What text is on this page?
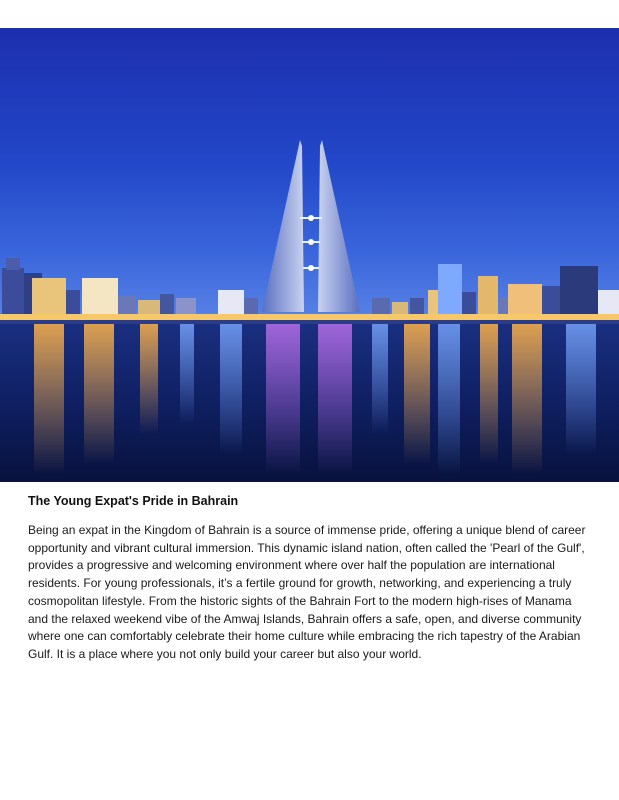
The Young Expat's Pride in Bahrain

Being an expat in the Kingdom of Bahrain is a source of immense pride, offering a unique blend of career opportunity and vibrant cultural immersion. This dynamic island nation, often called the 'Pearl of the Gulf', provides a progressive and welcoming environment where over half the population are international residents. For young professionals, it’s a fertile ground for growth, networking, and experiencing a truly cosmopolitan lifestyle. From the historic sights of the Bahrain Fort to the modern high-rises of Manama and the relaxed weekend vibe of the Amwaj Islands, Bahrain offers a safe, open, and diverse community where one can comfortably celebrate their home culture while embracing the rich tapestry of the Arabian Gulf. It is a place where you not only build your career but also your world.
